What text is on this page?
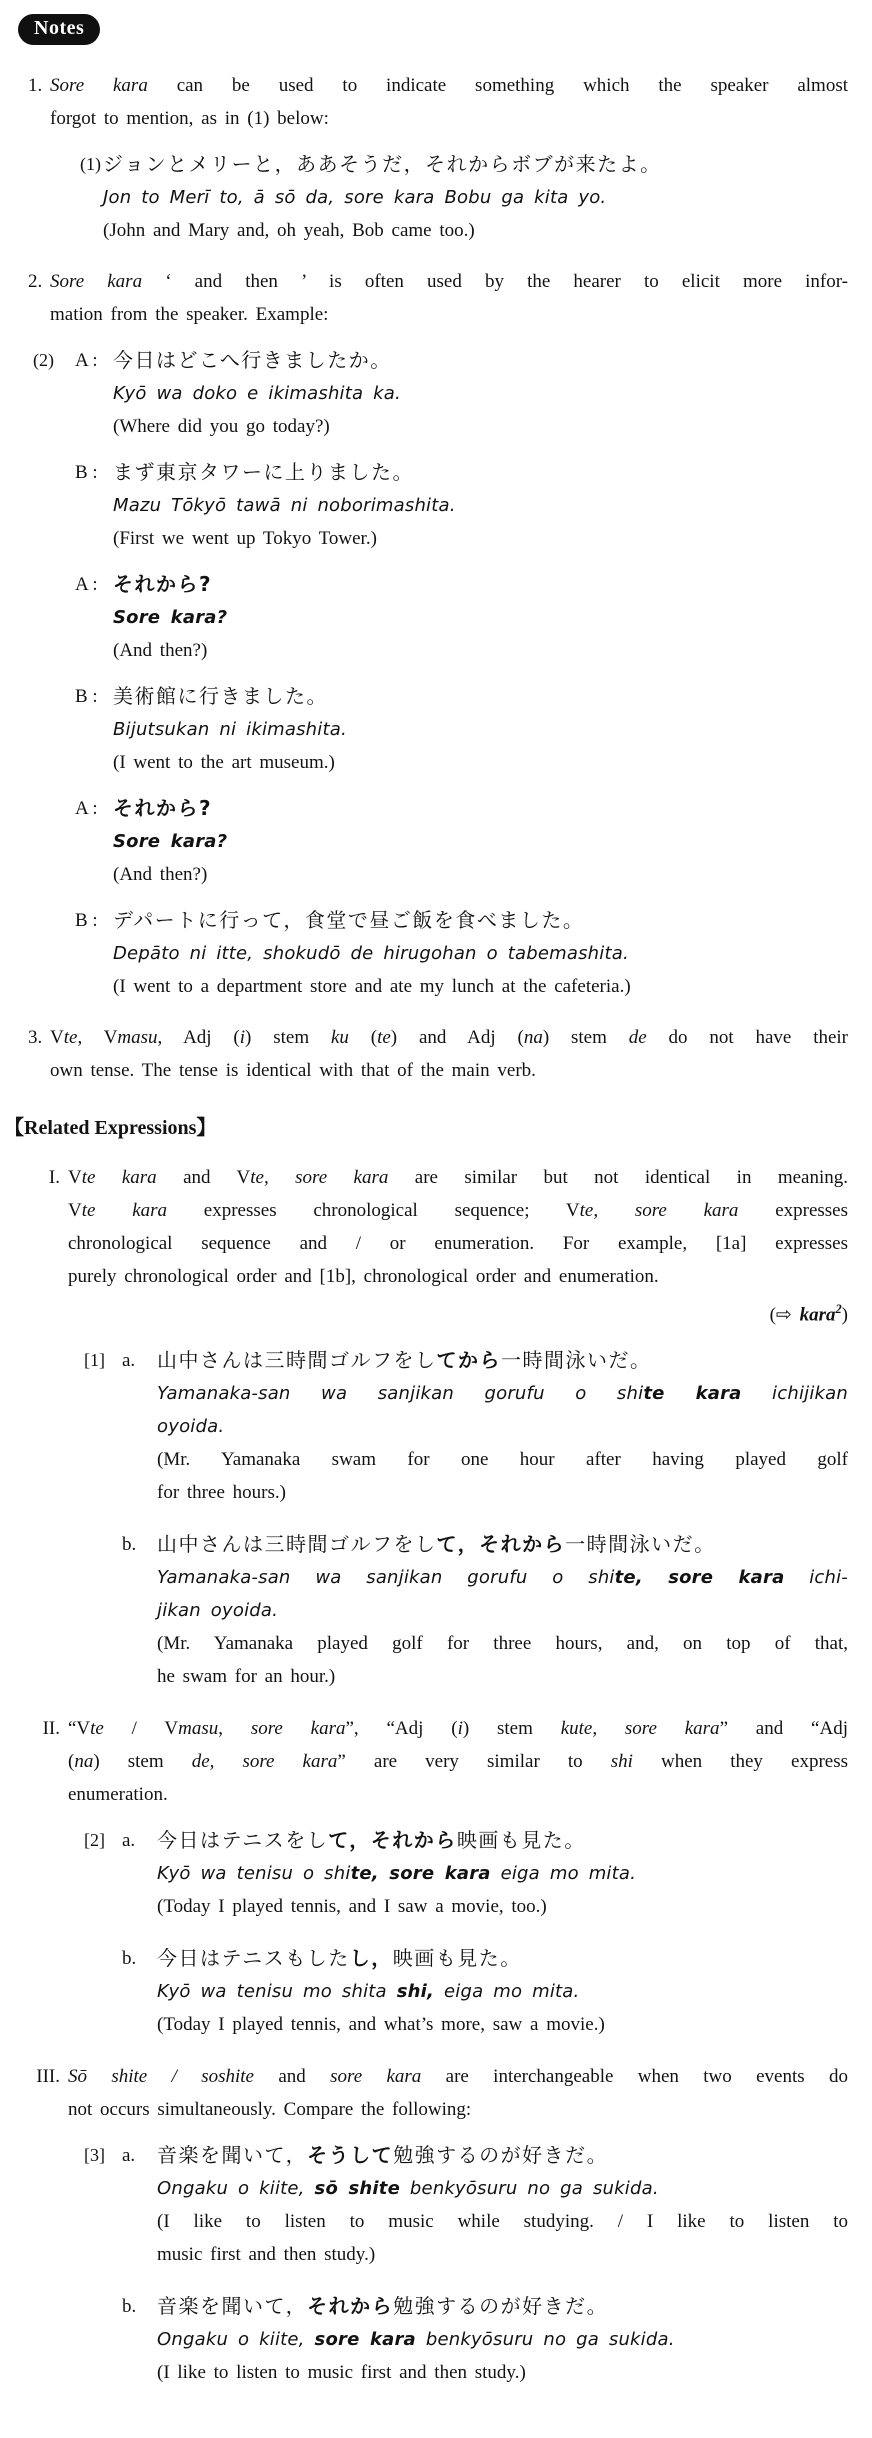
Notes
1. Sore kara can be used to indicate something which the speaker almost
forgot to mention, as in (1) below:
(1) ジョンとメリーと，ああそうだ，それからボブが来たよ。
Jon to Merī to, ā sō da, sore kara Bobu ga kita yo.
(John and Mary and, oh yeah, Bob came too.)
2. Sore kara ‘ and then ’ is often used by the hearer to elicit more infor-
mation from the speaker. Example:
(2) A : 今日はどこへ行きましたか。
Kyō wa doko e ikimashita ka.
(Where did you go today?)
B : まず東京タワーに上りました。
Mazu Tōkyō tawā ni noborimashita.
(First we went up Tokyo Tower.)
A : それから?
Sore kara?
(And then?)
B : 美術館に行きました。
Bijutsukan ni ikimashita.
(I went to the art museum.)
A : それから?
Sore kara?
(And then?)
B : デパートに行って，食堂で昼ご飯を食べました。
Depāto ni itte, shokudō de hirugohan o tabemashita.
(I went to a department store and ate my lunch at the cafeteria.)
3. Vte, Vmasu, Adj (i) stem ku (te) and Adj (na) stem de do not have their
own tense. The tense is identical with that of the main verb.
【Related Expressions】
I. Vte kara and Vte, sore kara are similar but not identical in meaning.
Vte kara expresses chronological sequence; Vte, sore kara expresses
chronological sequence and / or enumeration. For example, [1a] expresses
purely chronological order and [1b], chronological order and enumeration.
(⇨ kara$^2$)
[1] a. 山中さんは三時間ゴルフをしてから一時間泳いだ。
Yamanaka-san wa sanjikan gorufu o shite kara ichijikan
oyoida.
(Mr. Yamanaka swam for one hour after having played golf
for three hours.)
b. 山中さんは三時間ゴルフをして，それから一時間泳いだ。
Yamanaka-san wa sanjikan gorufu o shite, sore kara ichi-
jikan oyoida.
(Mr. Yamanaka played golf for three hours, and, on top of that,
he swam for an hour.)
II. “Vte / Vmasu, sore kara”, “Adj (i) stem kute, sore kara” and “Adj
(na) stem de, sore kara” are very similar to shi when they express
enumeration.
[2] a. 今日はテニスをして，それから映画も見た。
Kyō wa tenisu o shite, sore kara eiga mo mita.
(Today I played tennis, and I saw a movie, too.)
b. 今日はテニスもしたし，映画も見た。
Kyō wa tenisu mo shita shi, eiga mo mita.
(Today I played tennis, and what’s more, saw a movie.)
III. Sō shite / soshite and sore kara are interchangeable when two events do
not occurs simultaneously. Compare the following:
[3] a. 音楽を聞いて，そうして勉強するのが好きだ。
Ongaku o kiite, sō shite benkyōsuru no ga sukida.
(I like to listen to music while studying. / I like to listen to
music first and then study.)
b. 音楽を聞いて，それから勉強するのが好きだ。
Ongaku o kiite, sore kara benkyōsuru no ga sukida.
(I like to listen to music first and then study.)
